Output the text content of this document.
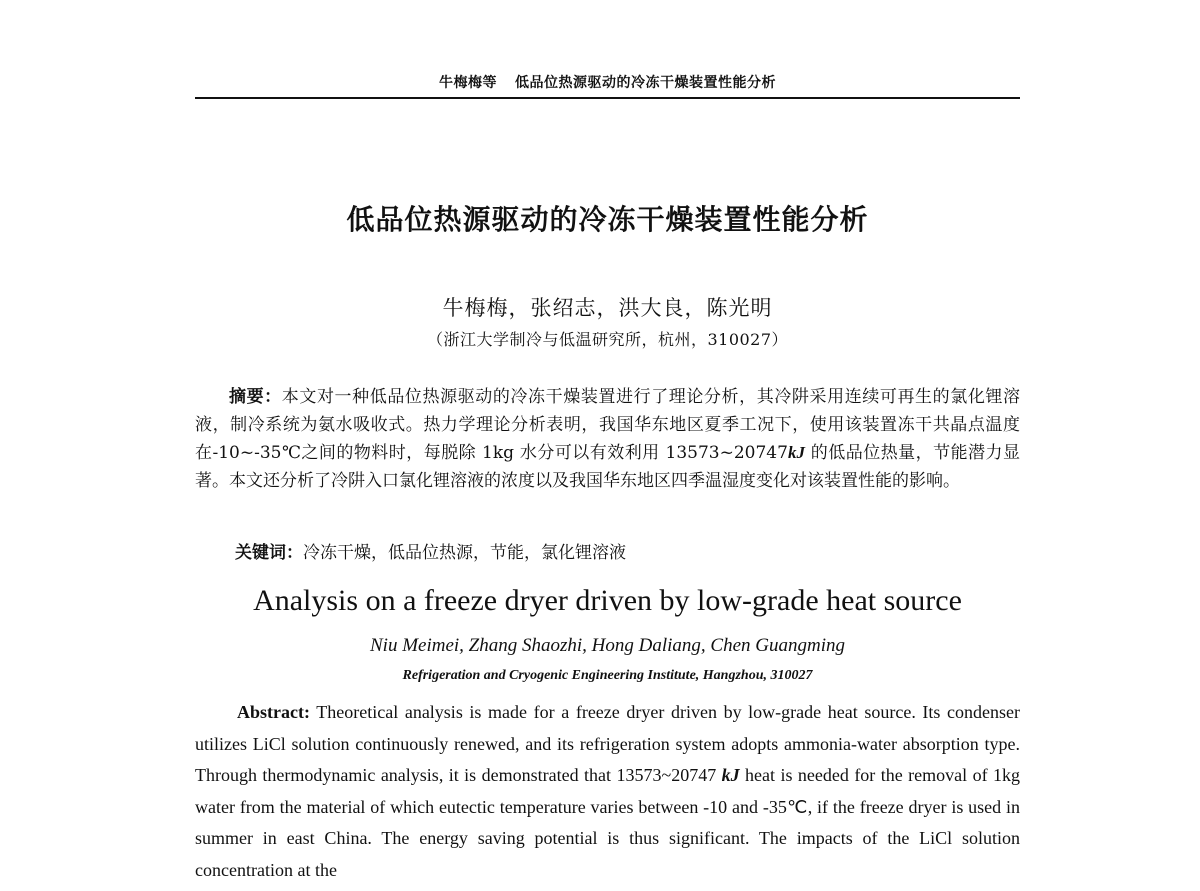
牛梅梅等 低品位热源驱动的冷冻干燥装置性能分析
低品位热源驱动的冷冻干燥装置性能分析
牛梅梅，张绍志，洪大良，陈光明
（浙江大学制冷与低温研究所，杭州，310027）
摘要：本文对一种低品位热源驱动的冷冻干燥装置进行了理论分析，其冷阱采用连续可再生的氯化锂溶液，制冷系统为氨水吸收式。热力学理论分析表明，我国华东地区夏季工况下，使用该装置冻干共晶点温度在-10~-35℃之间的物料时，每脱除 1kg 水分可以有效利用 13573~20747kJ 的低品位热量，节能潜力显著。本文还分析了冷阱入口氯化锂溶液的浓度以及我国华东地区四季温湿度变化对该装置性能的影响。
关键词：冷冻干燥，低品位热源，节能，氯化锂溶液
Analysis on a freeze dryer driven by low-grade heat source
Niu Meimei, Zhang Shaozhi, Hong Daliang, Chen Guangming
Refrigeration and Cryogenic Engineering Institute, Hangzhou, 310027
Abstract: Theoretical analysis is made for a freeze dryer driven by low-grade heat source. Its condenser utilizes LiCl solution continuously renewed, and its refrigeration system adopts ammonia-water absorption type. Through thermodynamic analysis, it is demonstrated that 13573~20747 kJ heat is needed for the removal of 1kg water from the material of which eutectic temperature varies between -10 and -35℃, if the freeze dryer is used in summer in east China. The energy saving potential is thus significant. The impacts of the LiCl solution concentration at the
